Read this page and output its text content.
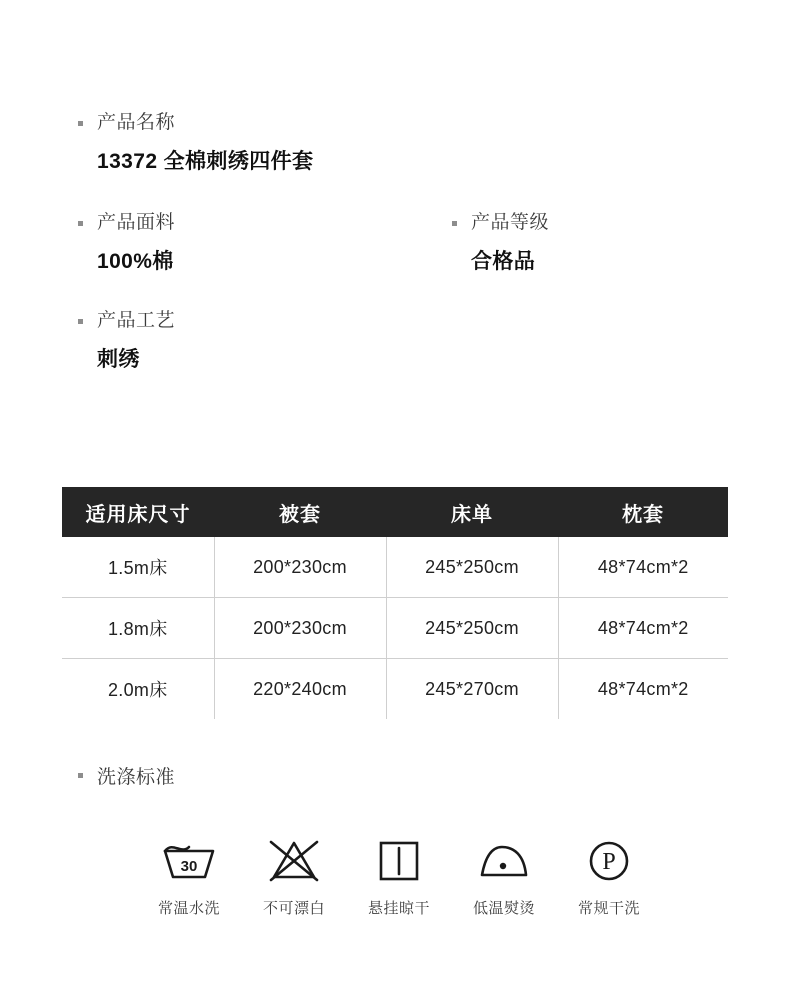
产品名称
13372 全棉刺绣四件套
产品面料
100%棉
产品等级
合格品
产品工艺
刺绣
适用床尺寸	被套	床单	枕套
1.5m床	200*230cm	245*250cm	48*74cm*2
1.8m床	200*230cm	245*250cm	48*74cm*2
2.0m床	220*240cm	245*270cm	48*74cm*2
洗涤标准
30
常温水洗	不可漂白	悬挂晾干	低温熨烫
P
常规干洗
